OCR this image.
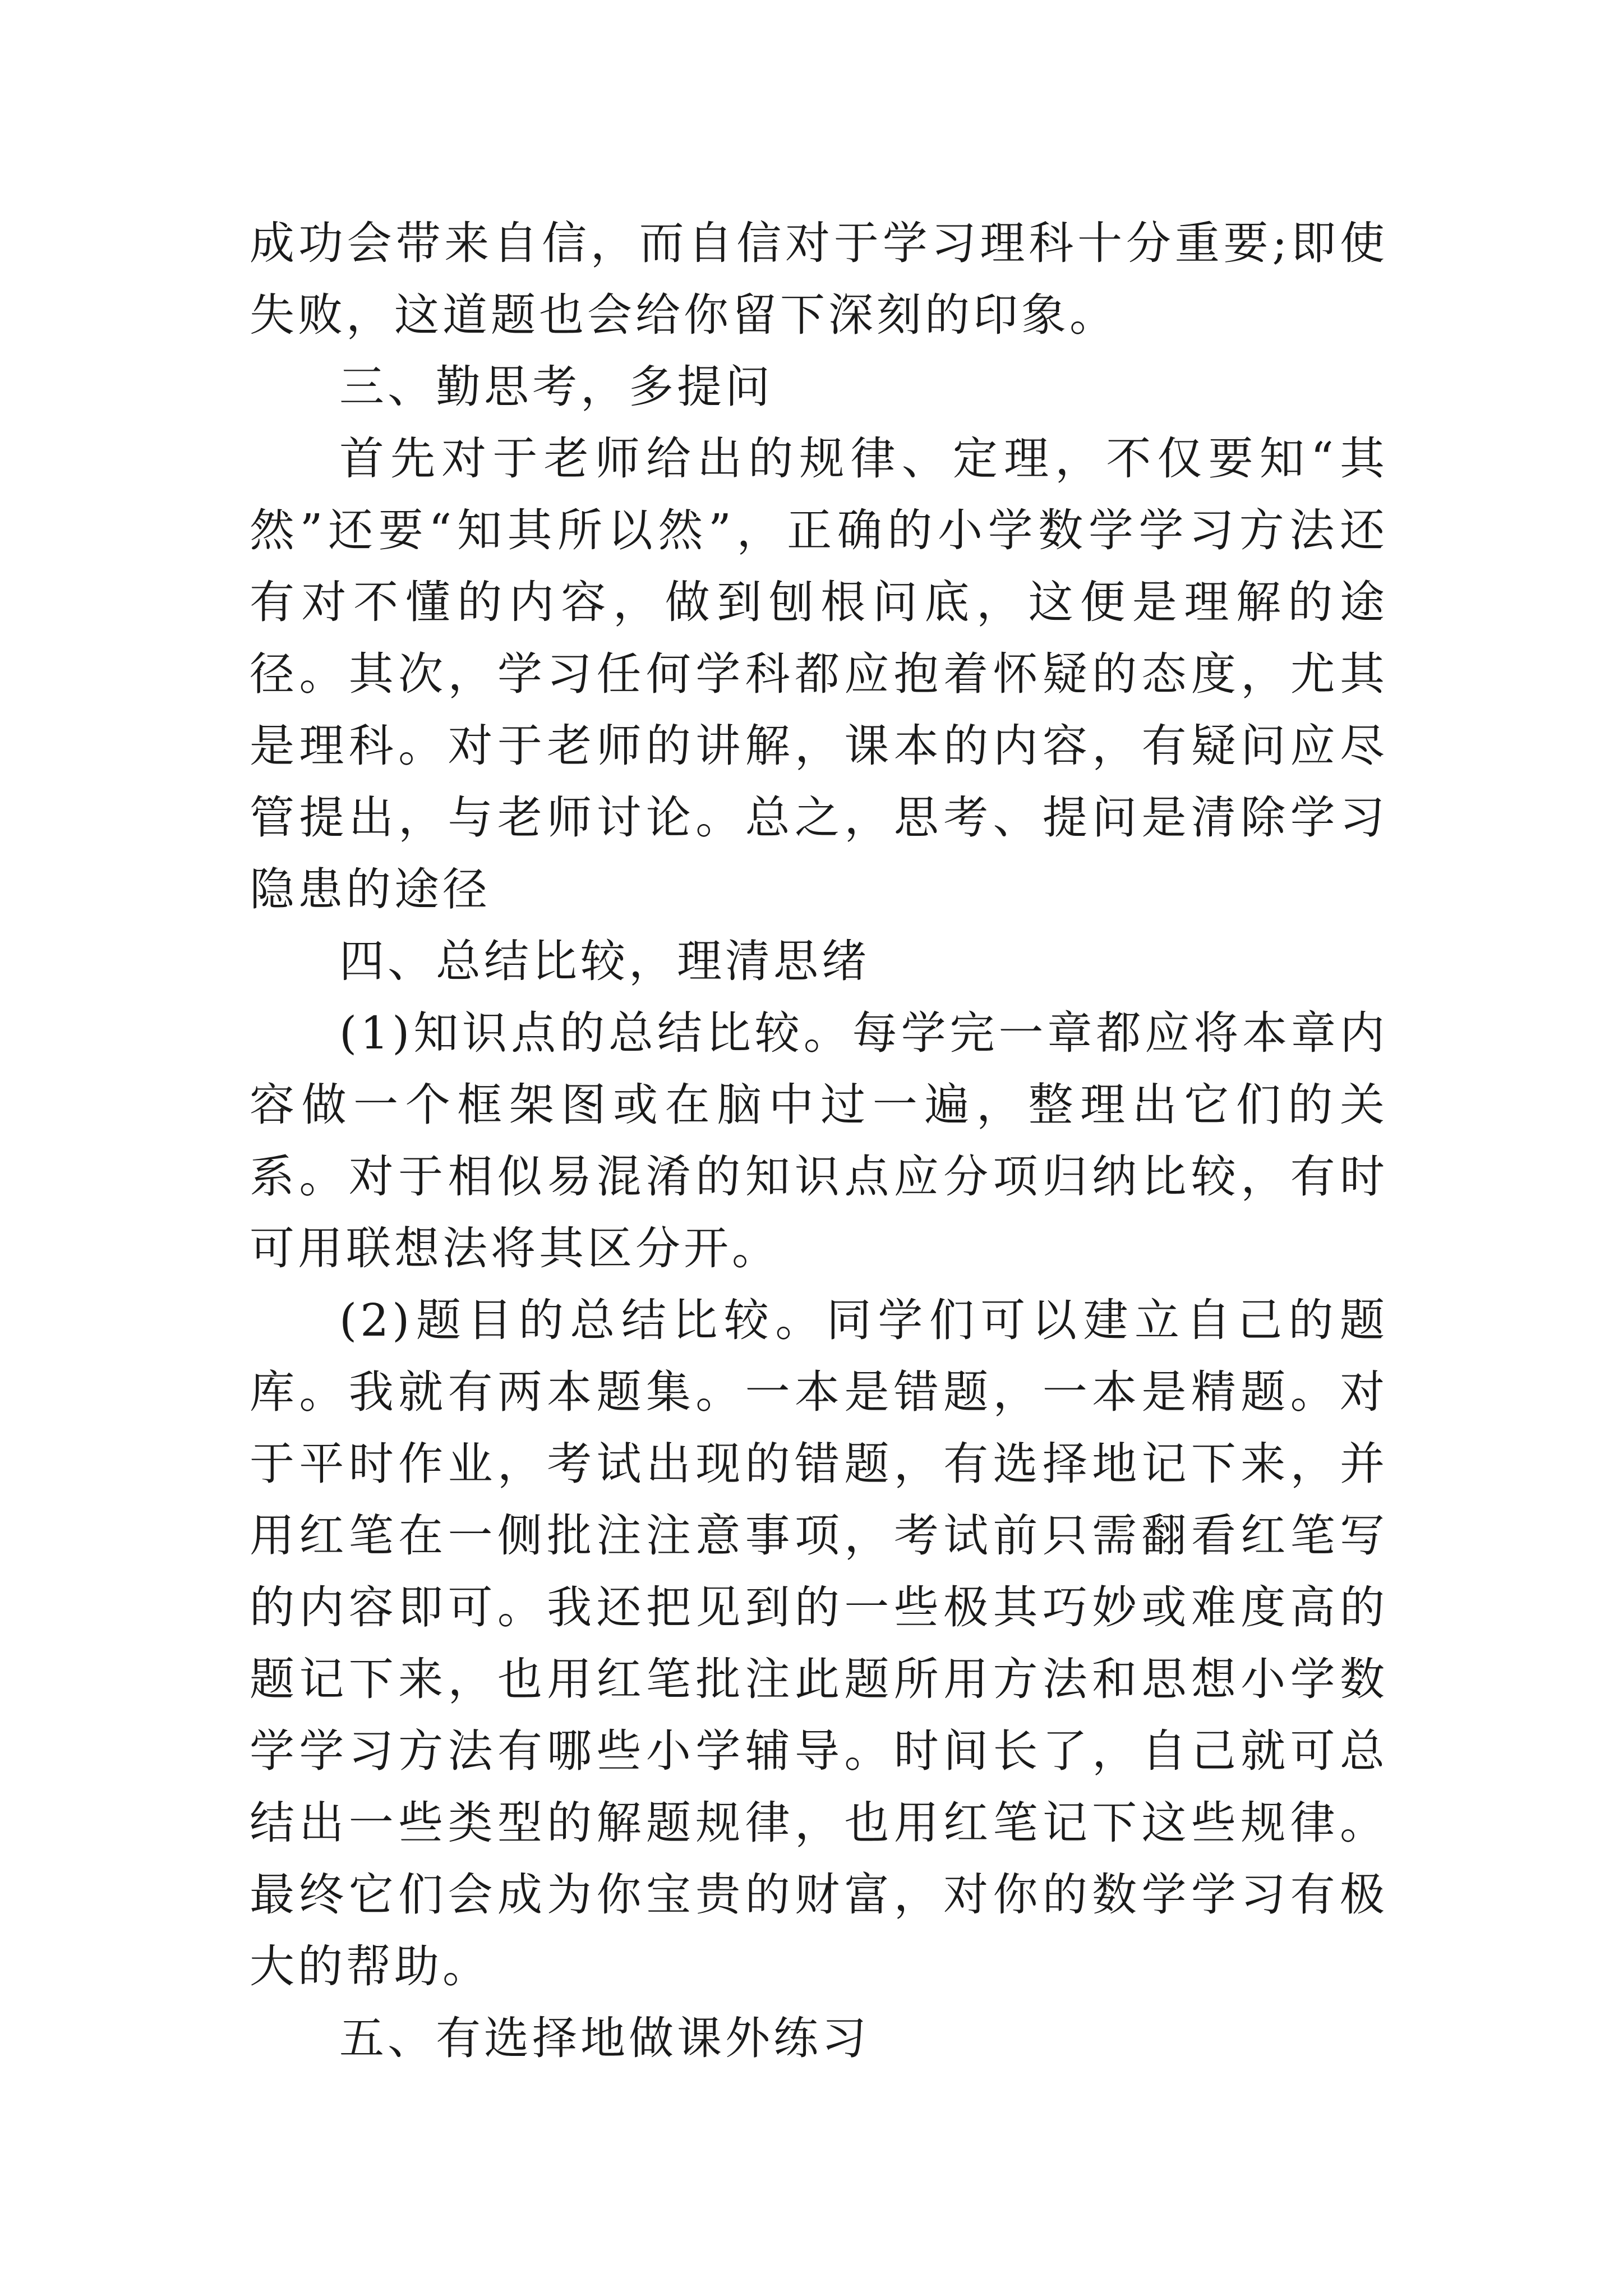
成功会带来自信，而自信对于学习理科十分重要;即使失败，这道题也会给你留下深刻的印象。

三、勤思考，多提问

首先对于老师给出的规律、定理，不仅要知“其然”还要“知其所以然”，正确的小学数学学习方法还有对不懂的内容，做到刨根问底，这便是理解的途径。其次，学习任何学科都应抱着怀疑的态度，尤其是理科。对于老师的讲解，课本的内容，有疑问应尽管提出，与老师讨论。总之，思考、提问是清除学习隐患的途径

四、总结比较，理清思绪

(1)知识点的总结比较。每学完一章都应将本章内容做一个框架图或在脑中过一遍，整理出它们的关系。对于相似易混淆的知识点应分项归纳比较，有时可用联想法将其区分开。

(2)题目的总结比较。同学们可以建立自己的题库。我就有两本题集。一本是错题，一本是精题。对于平时作业，考试出现的错题，有选择地记下来，并用红笔在一侧批注注意事项，考试前只需翻看红笔写的内容即可。我还把见到的一些极其巧妙或难度高的题记下来，也用红笔批注此题所用方法和思想小学数学学习方法有哪些小学辅导。时间长了，自己就可总结出一些类型的解题规律，也用红笔记下这些规律。最终它们会成为你宝贵的财富，对你的数学学习有极大的帮助。

五、有选择地做课外练习
